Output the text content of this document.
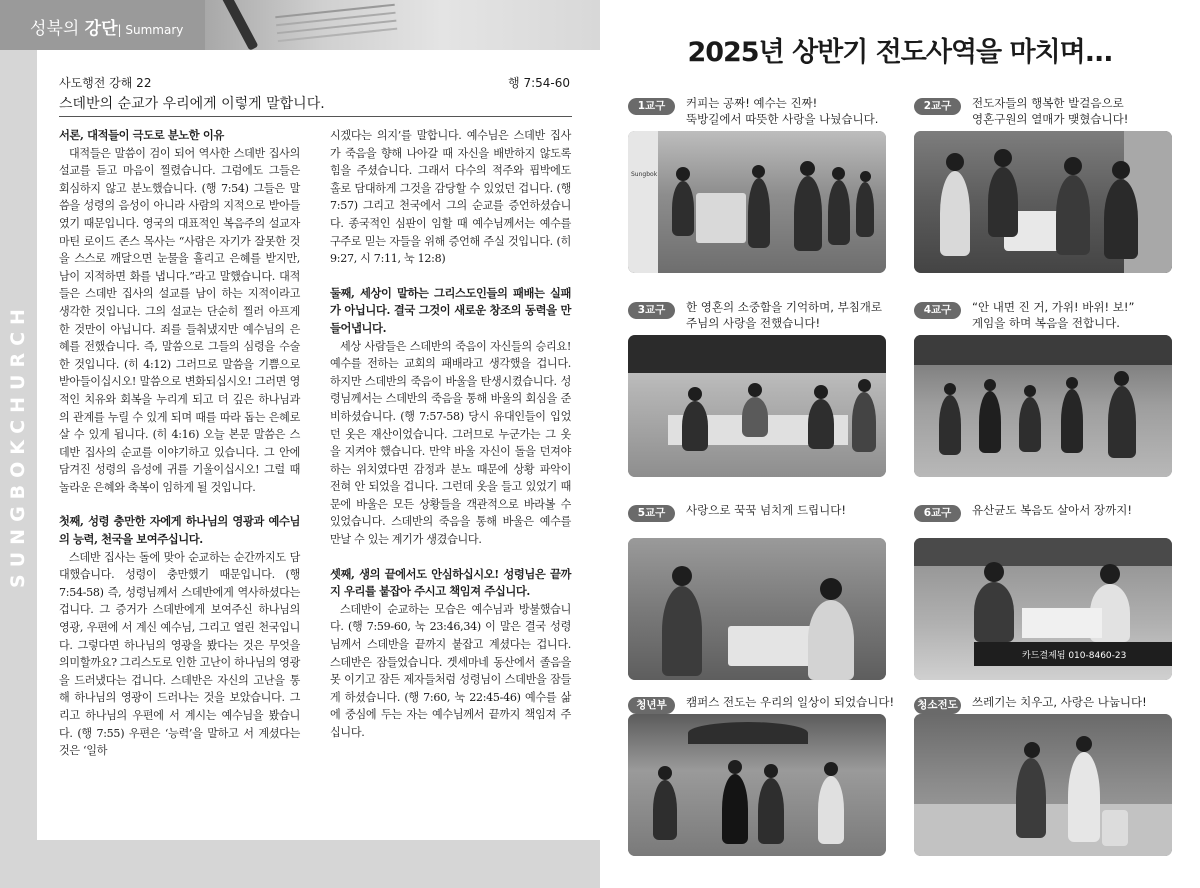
성북의 강단| Summary
SUNGBOKCHURCH
사도행전 강해 22	행 7:54-60
스데반의 순교가 우리에게 이렇게 말합니다.
서론, 대적들이 극도로 분노한 이유

대적들은 말씀이 검이 되어 역사한 스데반 집사의 설교를 듣고 마음이 찔렸습니다. 그럼에도 그들은 회심하지 않고 분노했습니다. (행 7:54) 그들은 말씀을 성령의 음성이 아니라 사람의 지적으로 받아들였기 때문입니다. 영국의 대표적인 복음주의 설교자 마틴 로이드 존스 목사는 “사람은 자기가 잘못한 것을 스스로 깨달으면 눈물을 흘리고 은혜를 받지만, 남이 지적하면 화를 냅니다.”라고 말했습니다. 대적들은 스데반 집사의 설교를 남이 하는 지적이라고 생각한 것입니다. 그의 설교는 단순히 찔러 아프게 한 것만이 아닙니다. 죄를 들춰냈지만 예수님의 은혜를 전했습니다. 즉, 말씀으로 그들의 심령을 수술한 것입니다. (히 4:12) 그러므로 말씀을 기쁨으로 받아들이십시오! 말씀으로 변화되십시오! 그러면 영적인 치유와 회복을 누리게 되고 더 깊은 하나님과의 관계를 누릴 수 있게 되며 때를 따라 돕는 은혜로 살 수 있게 됩니다. (히 4:16) 오늘 본문 말씀은 스데반 집사의 순교를 이야기하고 있습니다. 그 안에 담겨진 성령의 음성에 귀를 기울이십시오! 그럴 때 놀라운 은혜와 축복이 임하게 될 것입니다.

첫째, 성령 충만한 자에게 하나님의 영광과 예수님의 능력, 천국을 보여주십니다.

스데반 집사는 돌에 맞아 순교하는 순간까지도 담대했습니다. 성령이 충만했기 때문입니다. (행 7:54-58) 즉, 성령님께서 스데반에게 역사하셨다는 겁니다. 그 증거가 스데반에게 보여주신 하나님의 영광, 우편에 서 계신 예수님, 그리고 열린 천국입니다. 그렇다면 하나님의 영광을 봤다는 것은 무엇을 의미할까요? 그리스도로 인한 고난이 하나님의 영광을 드러냈다는 겁니다. 스데반은 자신의 고난을 통해 하나님의 영광이 드러나는 것을 보았습니다. 그리고 하나님의 우편에 서 계시는 예수님을 봤습니다. (행 7:55) 우편은 ‘능력’을 말하고 서 계셨다는 것은 ‘일하

시겠다는 의지’를 말합니다. 예수님은 스데반 집사가 죽음을 향해 나아갈 때 자신을 배반하지 않도록 힘을 주셨습니다. 그래서 다수의 적주와 핍박에도 홀로 담대하게 그것을 감당할 수 있었던 겁니다. (행 7:57) 그리고 천국에서 그의 순교를 증언하셨습니다. 종국적인 심판이 임할 때 예수님께서는 예수를 구주로 믿는 자들을 위해 증언해 주실 것입니다. (히 9:27, 시 7:11, 눅 12:8)

둘째, 세상이 말하는 그리스도인들의 패배는 실패가 아닙니다. 결국 그것이 새로운 창조의 동력을 만들어냅니다.

세상 사람들은 스데반의 죽음이 자신들의 승리요! 예수를 전하는 교회의 패배라고 생각했을 겁니다. 하지만 스데반의 죽음이 바울을 탄생시켰습니다. 성령님께서는 스데반의 죽음을 통해 바울의 회심을 준비하셨습니다. (행 7:57-58) 당시 유대인들이 입었던 옷은 재산이었습니다. 그러므로 누군가는 그 옷을 지켜야 했습니다. 만약 바울 자신이 돌을 던져야 하는 위치였다면 감정과 분노 때문에 상황 파악이 전혀 안 되었을 겁니다. 그런데 옷을 들고 있었기 때문에 바울은 모든 상황들을 객관적으로 바라볼 수 있었습니다. 스데반의 죽음을 통해 바울은 예수를 만날 수 있는 계기가 생겼습니다.

셋째, 생의 끝에서도 안심하십시오! 성령님은 끝까지 우리를 붙잡아 주시고 책임져 주십니다.

스데반이 순교하는 모습은 예수님과 방불했습니다. (행 7:59-60, 눅 23:46,34) 이 말은 결국 성령님께서 스데반을 끝까지 붙잡고 계셨다는 겁니다. 스데반은 잠들었습니다. 겟세마네 동산에서 졸음을 못 이기고 잠든 제자들처럼 성령님이 스데반을 잠들게 하셨습니다. (행 7:60, 눅 22:45-46) 예수를 삶에 중심에 두는 자는 예수님께서 끝까지 책임져 주십니다.

2025년 상반기 전도사역을 마치며...
1교구	커피는 공짜! 예수는 진짜!
뚝방길에서 따뜻한 사랑을 나눴습니다.
Sungbok
2교구	전도자들의 행복한 발걸음으로
영혼구원의 열매가 맺혔습니다!
3교구	한 영혼의 소중함을 기억하며, 부침개로
주님의 사랑을 전했습니다!
4교구	“안 내면 진 거, 가위! 바위! 보!”
게임을 하며 복음을 전합니다.
5교구	사랑으로 꾹꾹 넘치게 드립니다!	6교구	유산균도 복음도 살아서 장까지!
카드결제됨 010-8460-23
청년부	캠퍼스 전도는 우리의 일상이 되었습니다!	청소전도 쓰레기는 치우고, 사랑은 나눕니다!
